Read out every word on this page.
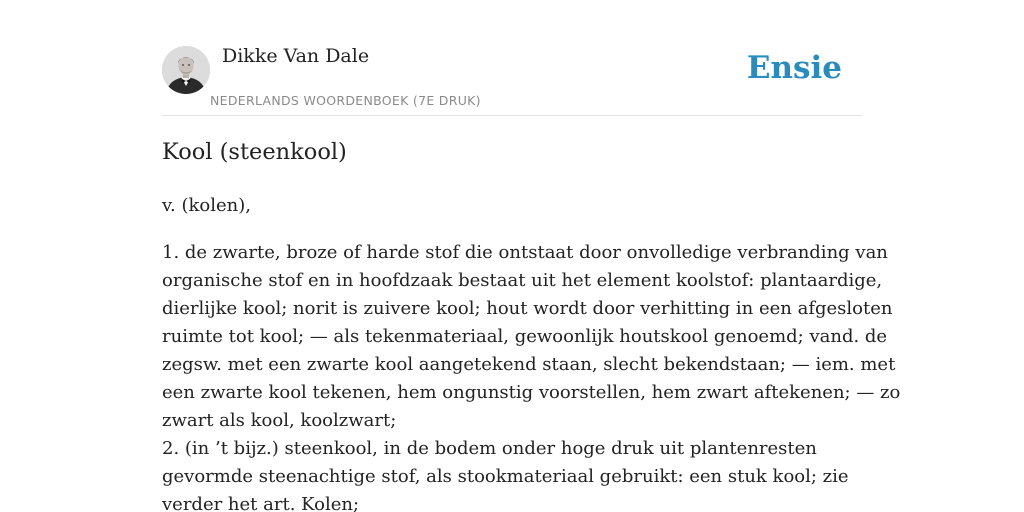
Dikke Van Dale
NEDERLANDS WOORDENBOEK (7E DRUK)
Ensie
Kool (steenkool)
v. (kolen),
1. de zwarte, broze of harde stof die ontstaat door onvolledige verbranding van
organische stof en in hoofdzaak bestaat uit het element koolstof: plantaardige,
dierlijke kool; norit is zuivere kool; hout wordt door verhitting in een afgesloten
ruimte tot kool; — als tekenmateriaal, gewoonlijk houtskool genoemd; vand. de
zegsw. met een zwarte kool aangetekend staan, slecht bekendstaan; — iem. met
een zwarte kool tekenen, hem ongunstig voorstellen, hem zwart aftekenen; — zo
zwart als kool, koolzwart;
2. (in ’t bijz.) steenkool, in de bodem onder hoge druk uit plantenresten
gevormde steenachtige stof, als stookmateriaal gebruikt: een stuk kool; zie
verder het art. Kolen;
